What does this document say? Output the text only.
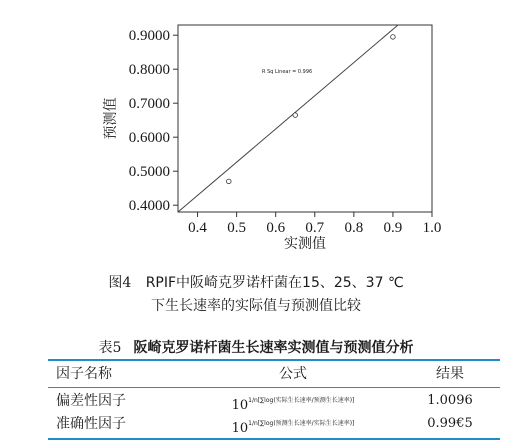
0.4 0.5 0.6 0.7 0.8 0.9 1.0
0.4000
0.5000
0.6000
0.7000
0.8000
0.9000
R Sq Linear = 0.996
实测值
预测值
图4 RPIF中阪崎克罗诺杆菌在15、25、37 ℃
下生长速率的实际值与预测值比较
表5 阪崎克罗诺杆菌生长速率实测值与预测值分析
因子名称	公式	结果
偏差性因子	$10^{1/n[\sum log(实际生长速率/预测生长速率)]}$	1.0096
准确性因子	$10^{1/n[\sum log(预测生长速率/实际生长速率)]}$	0.99€5
